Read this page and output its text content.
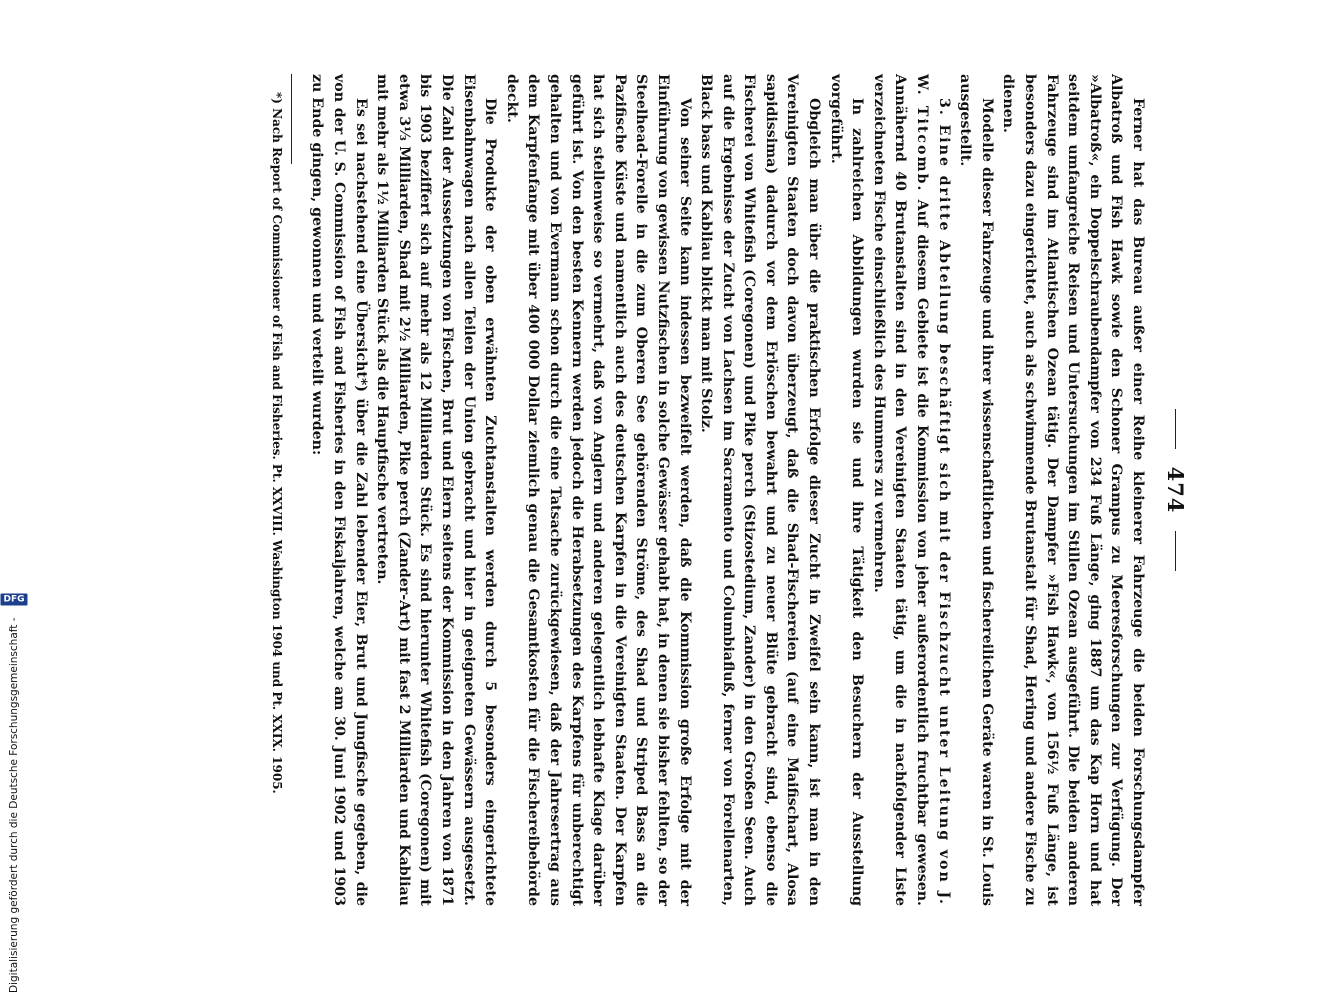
Digitalisierung gefördert durch die Deutsche Forschungsgemeinschaft -
DFG
474

Ferner hat das Bureau außer einer Reihe kleinerer Fahrzeuge die beiden Forschungsdampfer Albatroß und Fish Hawk sowie den Schoner Grampus zu Meeresforschungen zur Verfügung. Der »Albatroß«, ein Doppelschraubendampfer von 234 Fuß Länge, ging 1887 um das Kap Horn und hat seitdem umfangreiche Reisen und Untersuchungen im Stillen Ozean ausgeführt. Die beiden anderen Fahrzeuge sind im Atlantischen Ozean tätig. Der Dampfer »Fish Hawk«, von 156½ Fuß Länge, ist besonders dazu eingerichtet, auch als schwimmende Brutanstalt für Shad, Hering und andere Fische zu dienen.

Modelle dieser Fahrzeuge und ihrer wissenschaftlichen und fischereilichen Geräte waren in St. Louis ausgestellt.

3. Eine dritte Abteilung beschäftigt sich mit der Fischzucht unter Leitung von J. W. Titcomb. Auf diesem Gebiete ist die Kommission von jeher außerordentlich fruchtbar gewesen. Annähernd 40 Brutanstalten sind in den Vereinigten Staaten tätig, um die in nachfolgender Liste verzeichneten Fische einschließlich des Hummers zu vermehren.

In zahlreichen Abbildungen wurden sie und ihre Tätigkeit den Besuchern der Ausstellung vorgeführt.

Obgleich man über die praktischen Erfolge dieser Zucht in Zweifel sein kann, ist man in den Vereinigten Staaten doch davon überzeugt, daß die Shad-Fischereien (auf eine Maifischart, Alosa sapidissima) dadurch vor dem Erlöschen bewahrt und zu neuer Blüte gebracht sind, ebenso die Fischerei von Whitefish (Coregonen) und Pike perch (Stizostedium, Zander) in den Großen Seen. Auch auf die Ergebnisse der Zucht von Lachsen im Sacramento und Columbiafluß, ferner von Forellenarten, Black bass und Kabliau blickt man mit Stolz.

Von seiner Seite kann indessen bezweifelt werden, daß die Kommission große Erfolge mit der Einführung von gewissen Nutzfischen in solche Gewässer gehabt hat, in denen sie bisher fehlten, so der Steelhead-Forelle in die zum Oberen See gehörenden Ströme, des Shad und Striped Bass an die Pazifische Küste und namentlich auch des deutschen Karpfen in die Vereinigten Staaten. Der Karpfen hat sich stellenweise so vermehrt, daß von Anglern und anderen gelegentlich lebhafte Klage darüber geführt ist. Von den besten Kennern werden jedoch die Herabsetzungen des Karpfens für unberechtigt gehalten und von Evermann schon durch die eine Tatsache zurückgewiesen, daß der Jahresertrag aus dem Karpfenfange mit über 400 000 Dollar ziemlich genau die Gesamtkosten für die Fischereibehörde deckt.

Die Produkte der oben erwähnten Zuchtanstalten werden durch 5 besonders eingerichtete Eisenbahnwagen nach allen Teilen der Union gebracht und hier in geeigneten Gewässern ausgesetzt. Die Zahl der Aussetzungen von Fischen, Brut und Eiern seitens der Kommission in den Jahren von 1871 bis 1903 beziffert sich auf mehr als 12 Milliarden Stück. Es sind hierunter Whitefish (Coregonen) mit etwa 3⅓ Milliarden, Shad mit 2½ Milliarden, Pike perch (Zander-Art) mit fast 2 Milliarden und Kabliau mit mehr als 1½ Milliarden Stück als die Hauptfische vertreten.

Es sei nachstehend eine Übersicht*) über die Zahl lebender Eier, Brut und Jungfische gegeben, die von der U. S. Commission of Fish and Fisheries in den Fiskaljahren, welche am 30. Juni 1902 und 1903 zu Ende gingen, gewonnen und verteilt wurden:

*) Nach Report of Commissioner of Fish and Fisheries. Pt. XXVIII. Washington 1904 und Pt. XXIX. 1905.
